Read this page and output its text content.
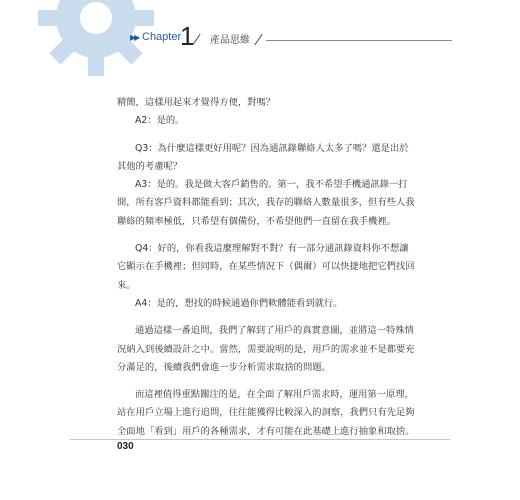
▶▶ Chapter
1 產品思維

精簡，這樣用起來才覺得方便，對嗎？

A2：是的。

Q3：為什麼這樣更好用呢？因為通訊錄聯絡人太多了嗎？還是出於其他的考慮呢？

A3：是的。我是做大客戶銷售的。第一，我不希望手機通訊錄一打開，所有客戶資料都能看到；其次，我存的聯絡人數量很多，但有些人我聯絡的頻率極低，只希望有個備份，不希望他們一直留在我手機裡。

Q4：好的，你看我這麼理解對不對？有一部分通訊錄資料你不想讓它顯示在手機裡；但同時，在某些情況下（偶爾）可以快捷地把它們找回來。

A4：是的，想找的時候通過你們軟體能看到就行。

通過這樣一番追問，我們了解到了用戶的真實意圖，並將這一特殊情況納入到後續設計之中。當然，需要說明的是，用戶的需求並不是都要充分滿足的，後續我們會進一步分析需求取捨的問題。

而這裡值得重點關注的是，在全面了解用戶需求時，運用第一原理，站在用戶立場上進行追問，往往能獲得比較深入的洞察，我們只有先足夠全面地「看到」用戶的各種需求，才有可能在此基礎上進行抽象和取捨。

030
